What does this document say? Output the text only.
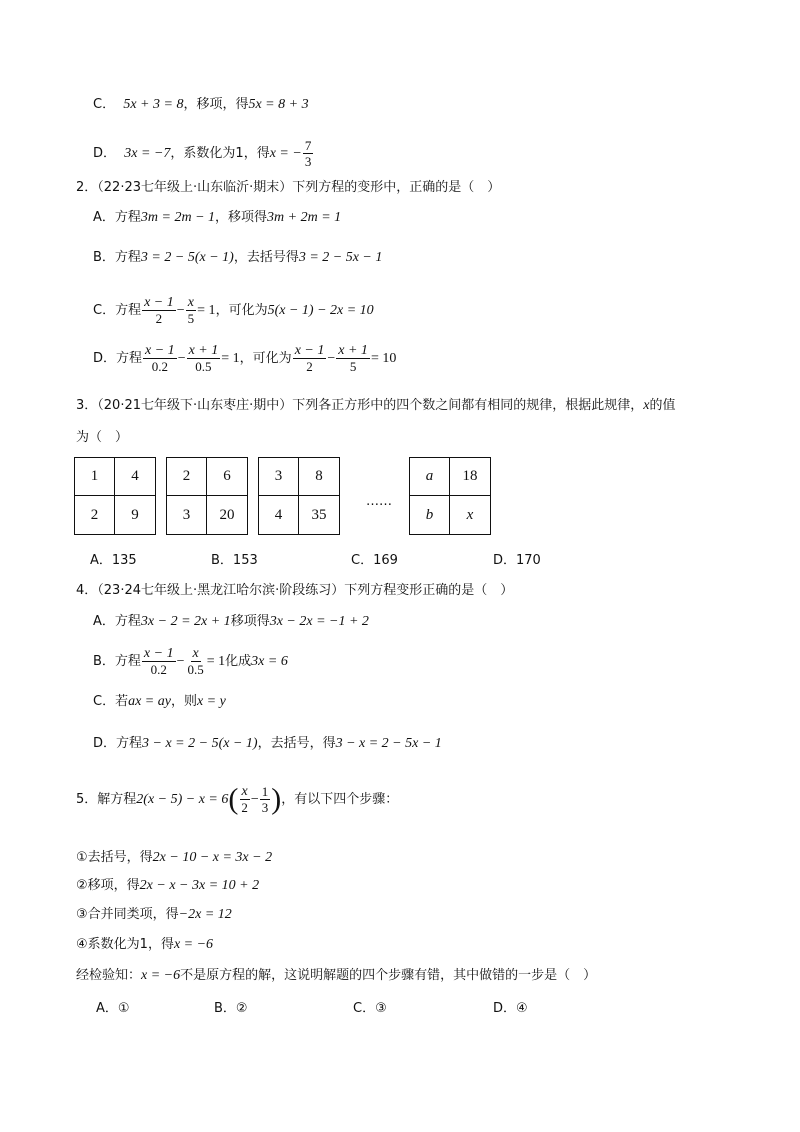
C． 5x + 3 = 8，移项，得5x = 8 + 3
D． 3x = −7，系数化为1，得x = − $\frac{7}{3}$
2．（22·23七年级上·山东临沂·期末）下列方程的变形中，正确的是（　）
A．方程3m = 2m − 1，移项得3m + 2m = 1
B．方程3 = 2 − 5(x − 1)，去括号得3 = 2 − 5x − 1
C．方程 $\frac{x - 1}{2} - \frac{x}{5} = 1$，可化为5(x − 1) − 2x = 10
D．方程 $\frac{x - 1}{0.2} - \frac{x + 1}{0.5} = 1$，可化为 $\frac{x - 1}{2} - \frac{x + 1}{5} = 10$
3．（20·21七年级下·山东枣庄·期中）下列各正方形中的四个数之间都有相同的规律，根据此规律，x的值
为（　）
1	4
2	9
2	6
3	20
3	8
4	35
……
a	18
b	x
A．135	B．153	C．169	D．170
4．（23·24七年级上·黑龙江哈尔滨·阶段练习）下列方程变形正确的是（　）
A．方程3x − 2 = 2x + 1移项得3x − 2x = −1 + 2
B．方程 $\frac{x - 1}{0.2} - \frac{x}{0.5} = 1$化成3x = 6
C．若ax = ay，则x = y
D．方程3 − x = 2 − 5(x − 1)，去括号，得3 − x = 2 − 5x − 1
5．解方程$2(x - 5) - x = 6( \frac{x}{2} - \frac{1}{3}$ )，有以下四个步骤：
①去括号，得2x − 10 − x = 3x − 2
②移项，得2x − x − 3x = 10 + 2
③合并同类项，得−2x = 12
④系数化为1，得x = −6
经检验知：x = −6不是原方程的解，这说明解题的四个步骤有错，其中做错的一步是（　）
A．①	B．②	C．③	D．④
